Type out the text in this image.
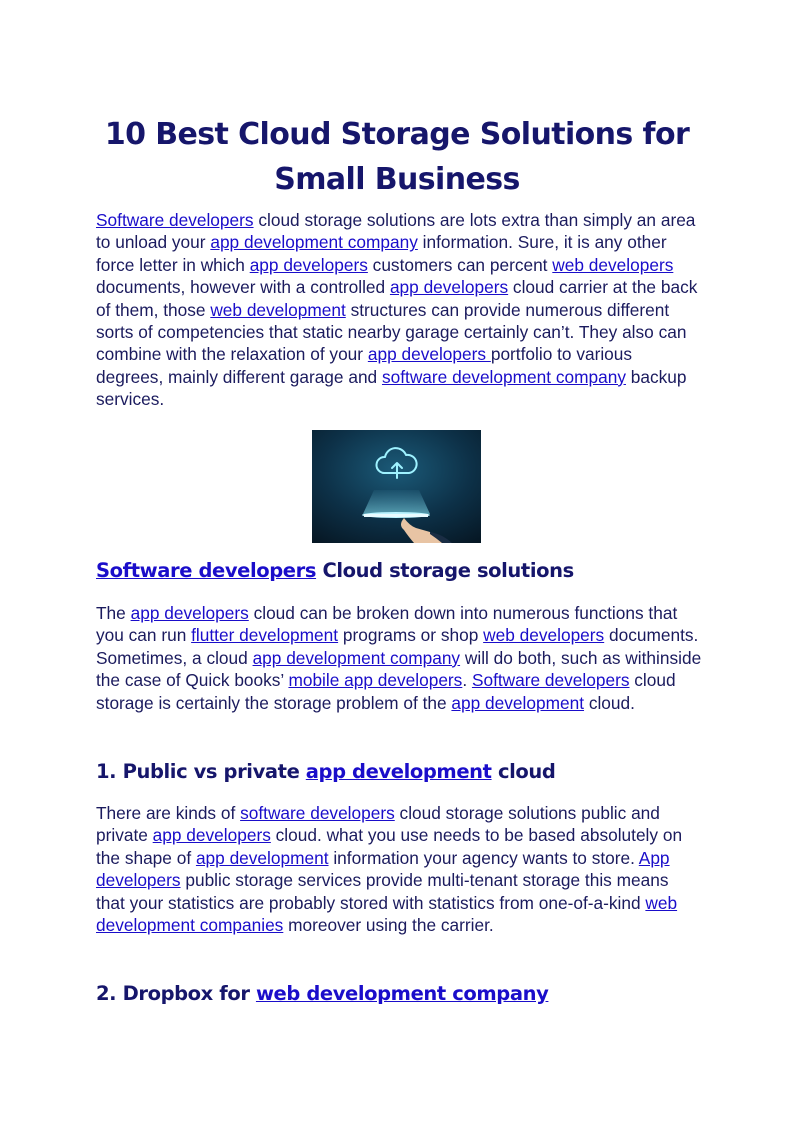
10 Best Cloud Storage Solutions for Small Business

Software developers cloud storage solutions are lots extra than simply an area to unload your app development company information. Sure, it is any other force letter in which app developers customers can percent web developers documents, however with a controlled app developers cloud carrier at the back of them, those web development structures can provide numerous different sorts of competencies that static nearby garage certainly can’t. They also can combine with the relaxation of your app developers portfolio to various degrees, mainly different garage and software development company backup services.

Software developers Cloud storage solutions

The app developers cloud can be broken down into numerous functions that you can run flutter development programs or shop web developers documents. Sometimes, a cloud app development company will do both, such as withinside the case of Quick books’ mobile app developers. Software developers cloud storage is certainly the storage problem of the app development cloud.

1. Public vs private app development cloud

There are kinds of software developers cloud storage solutions public and private app developers cloud. what you use needs to be based absolutely on the shape of app development information your agency wants to store. App developers public storage services provide multi-tenant storage this means that your statistics are probably stored with statistics from one-of-a-kind web development companies moreover using the carrier.

2. Dropbox for web development company
